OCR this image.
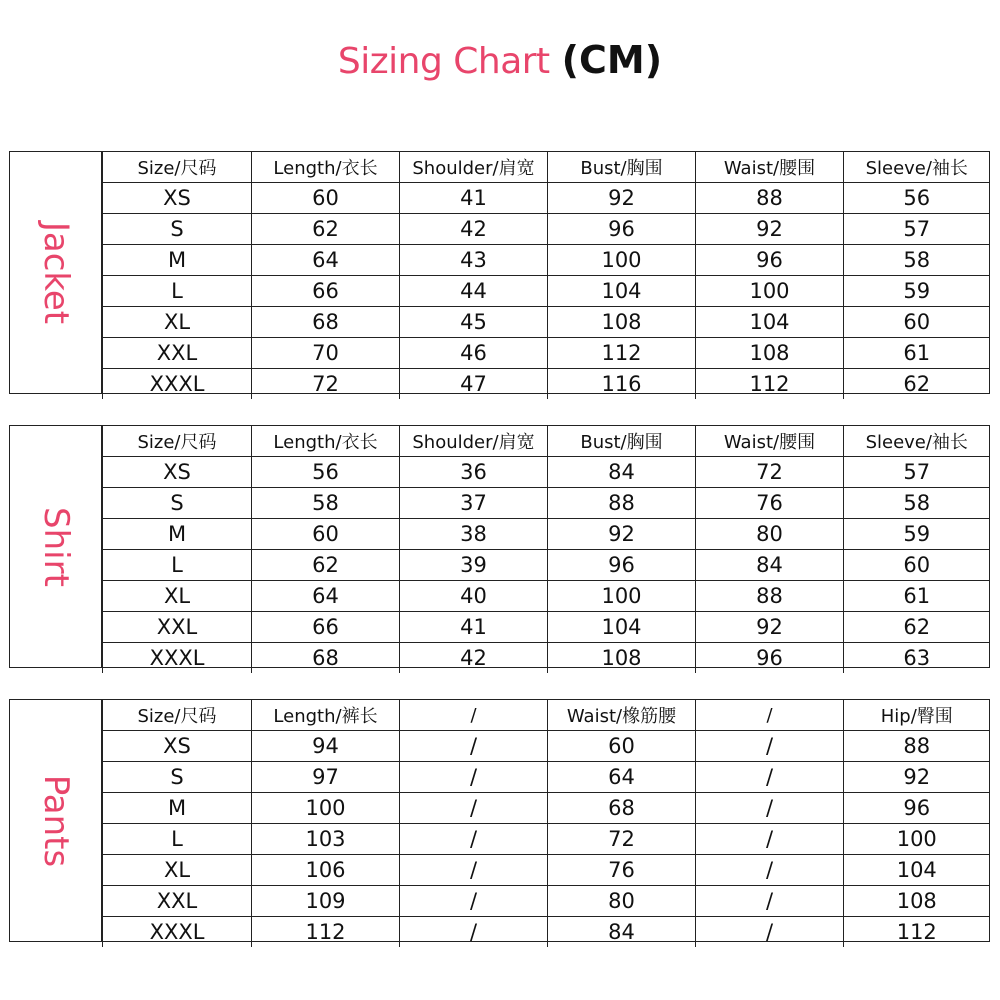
Sizing Chart (CM)
Jacket
Size/尺码	Length/衣长	Shoulder/肩宽	Bust/胸围	Waist/腰围	Sleeve/袖长
XS	60	41	92	88	56
S	62	42	96	92	57
M	64	43	100	96	58
L	66	44	104	100	59
XL	68	45	108	104	60
XXL	70	46	112	108	61
XXXL	72	47	116	112	62
Shirt
Size/尺码	Length/衣长	Shoulder/肩宽	Bust/胸围	Waist/腰围	Sleeve/袖长
XS	56	36	84	72	57
S	58	37	88	76	58
M	60	38	92	80	59
L	62	39	96	84	60
XL	64	40	100	88	61
XXL	66	41	104	92	62
XXXL	68	42	108	96	63
Pants
Size/尺码	Length/裤长	/	Waist/橡筋腰	/	Hip/臀围
XS	94	/	60	/	88
S	97	/	64	/	92
M	100	/	68	/	96
L	103	/	72	/	100
XL	106	/	76	/	104
XXL	109	/	80	/	108
XXXL	112	/	84	/	112
